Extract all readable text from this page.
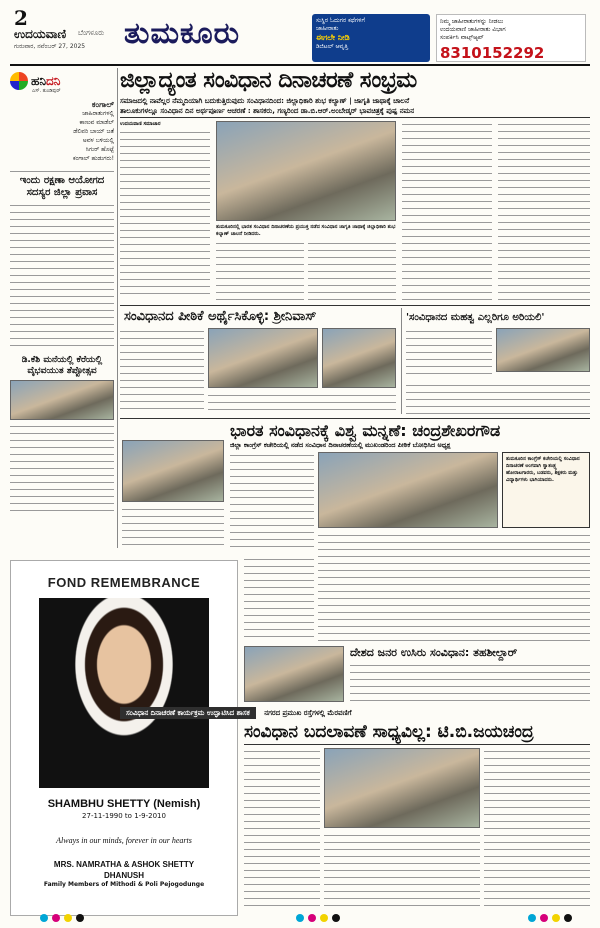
2
ಉದಯವಾಣಿ ಬೆಂಗಳೂರು
ಗುರುವಾರ, ನವೆಂಬರ್ 27, 2025 ತುಮಕೂರು	ಸುಸ್ಥಿರ ಓದುಗರ ಕಥೆಗಳಿಗೆ
ಜಾಹೀರಾತು
ಈಗಲೇ ನೀಡಿ
ಡಿಜಿಟಲ್ ಆವೃತ್ತಿ
ನಿಮ್ಮ ಜಾಹೀರಾತುಗಳನ್ನು ನೀಡಲು
ಉದಯವಾಣಿ ಜಾಹೀರಾತು ವಿಭಾಗ
ಸಂಪರ್ಕಿಸಿ ವಾಟ್ಸ್‌ಆ್ಯಪ್
8310152292
ಹನಿದನಿ
ಎಸ್. ತುಂಡಿಪುರ್
ಕಂಗಾಲ್
ಜಾಹಿರಾತುಗಳಲ್ಲಿ
ಕಾಣುವ ಮಾಡೆಲ್
ಡೆಲಿವರಿ ಬಾಯ್ ಜತೆ
ಅವಳ ಬಳಿಯಲ್ಲಿ
ಸಿಗುರ್ ಹೊಟ್ಟೆ
ಕಂಗಾಲ್ ಹುಡುಗರು!
ಇಂದು ರಕ್ಷಣಾ ಆಯೋಗದ ಸದಸ್ಯರ ಜಿಲ್ಲಾ ಪ್ರವಾಸ
ಡಿ.ಕೆಶಿ ಮನೆಯಲ್ಲಿ ಕೆರೆಯಲ್ಲಿ ವೈಭವಯುತ ತೆಪ್ಪೋತ್ಸವ
FOND REMEMBRANCE
SHAMBHU SHETTY (Nemish)
27-11-1990 to 1-9-2010
Always in our minds, forever in our hearts
MRS. NAMRATHA & ASHOK SHETTY
DHANUSH
Family Members of Mithodi & Poli Pejogodunge
ಜಿಲ್ಲಾದ್ಯಂತ ಸಂವಿಧಾನ ದಿನಾಚರಣೆ ಸಂಭ್ರಮ
ಸಮಾಜದಲ್ಲಿ ನಾವೆಲ್ಲರ ನೆಮ್ಮದಿಯಾಗಿ ಬದುಕುತ್ತಿರುವುದು ಸಂವಿಧಾನದಿಂದ: ಜಿಲ್ಲಾಧಿಕಾರಿ ಶುಭ ಕಲ್ಯಾಣ್ | ಜಾಗೃತಿ ಜಾಥಾಕ್ಕೆ ಚಾಲನೆ
ತಾಲೂಕುಗಳಲ್ಲೂ ಸಂವಿಧಾನ ದಿನ ಅರ್ಥಪೂರ್ಣ ಆಚರಣೆ : ಶಾಸಕರು, ಗಣ್ಯರಿಂದ ಡಾ.ಬಿ.ಆರ್.ಅಂಬೇಡ್ಕರ್ ಭಾವಚಿತ್ರಕ್ಕೆ ಪುಷ್ಪ ನಮನ
ಉದಯವಾಣಿ ಸಮಾಚಾರ
ತುಮಕೂರಿನಲ್ಲಿ ಭಾರತ ಸಂವಿಧಾನ ದಿನಾಚರಣೆಯ ಪ್ರಯುಕ್ತ ನಡೆದ ಸಂವಿಧಾನ ಜಾಗೃತಿ ಜಾಥಾಕ್ಕೆ ಜಿಲ್ಲಾಧಿಕಾರಿ ಶುಭ ಕಲ್ಯಾಣ್ ಚಾಲನೆ ನೀಡಿದರು.
ಸಂವಿಧಾನದ ಪೀಠಿಕೆ ಅರ್ಥೈಸಿಕೊಳ್ಳಿ: ಶ್ರೀನಿವಾಸ್	'ಸಂವಿಧಾನದ ಮಹತ್ವ ಎಲ್ಲರಿಗೂ ಅರಿಯಲಿ'
ಭಾರತ ಸಂವಿಧಾನಕ್ಕೆ ವಿಶ್ವ ಮನ್ನಣೆ: ಚಂದ್ರಶೇಖರಗೌಡ
ಜಿಲ್ಲಾ ಕಾಂಗ್ರೆಸ್ ಕಚೇರಿಯಲ್ಲಿ ನಡೆದ ಸಂವಿಧಾನ ದಿನಾಚರಣೆಯಲ್ಲಿ ಮುಖಂಡರಿಂದ ಪೀಠಿಕೆ ಬೋಧಿಸಿದ ಅಧ್ಯಕ್ಷ
ತುಮಕೂರಿನ ಕಾಂಗ್ರೆಸ್ ಕಚೇರಿಯಲ್ಲಿ ಸಂವಿಧಾನ ದಿನಾಚರಣೆ ಅಂಗವಾಗಿ ಸ್ವಾತಂತ್ರ್ಯ ಹೋರಾಟಗಾರರು, ಬಡವರು, ಶಿಕ್ಷಕರು ಮತ್ತು ವಿದ್ಯಾರ್ಥಿಗಳು ಭಾಗಿಯಾದರು.
ದೇಶದ ಜನರ ಉಸಿರು ಸಂವಿಧಾನ: ತಹಶೀಲ್ದಾರ್
ಸಂವಿಧಾನ ದಿನಾಚರಣೆ ಕಾರ್ಯಕ್ರಮ ಉದ್ಘಾಟಿಸಿದ ಶಾಸಕ ನಗರದ ಪ್ರಮುಖ ರಸ್ತೆಗಳಲ್ಲಿ ಮೆರವಣಿಗೆ
ಸಂವಿಧಾನ ಬದಲಾವಣೆ ಸಾಧ್ಯವಿಲ್ಲ: ಟಿ.ಬಿ.ಜಯಚಂದ್ರ
